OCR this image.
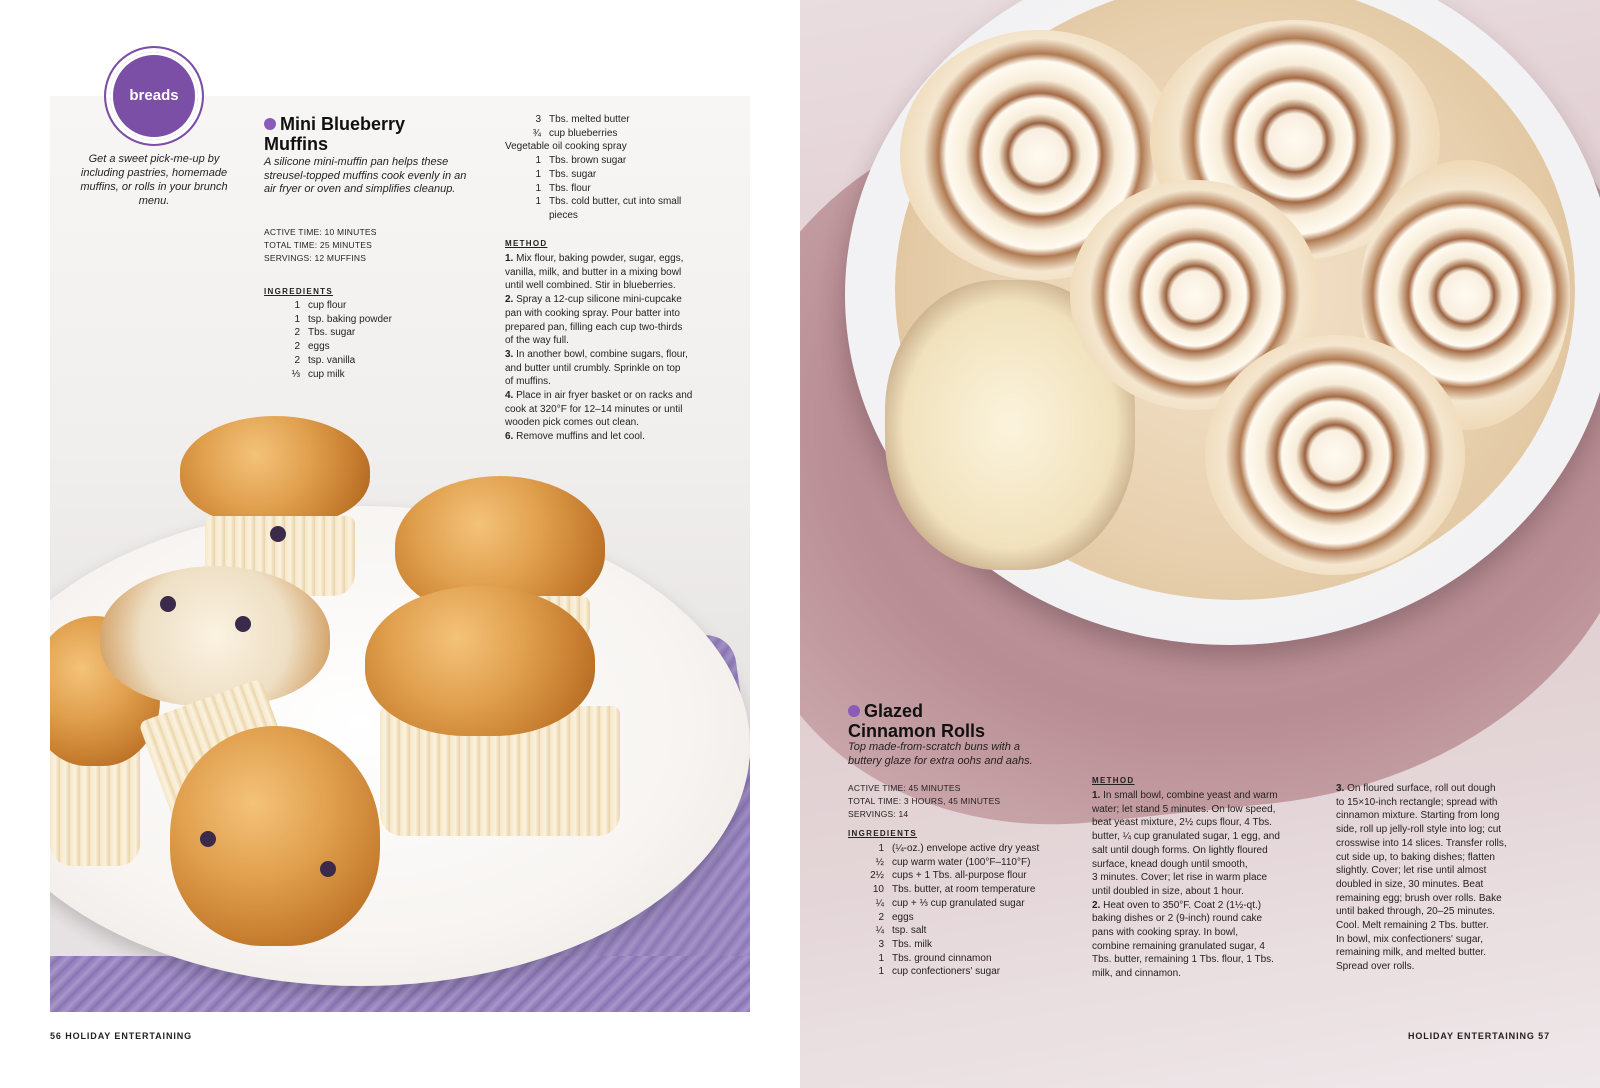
breads
Get a sweet pick-me-up by including pastries, homemade muffins, or rolls in your brunch menu.
Mini Blueberry
Muffins
A silicone mini-muffin pan helps these streusel-topped muffins cook evenly in an air fryer or oven and simplifies cleanup.
ACTIVE TIME: 10 MINUTES
TOTAL TIME: 25 MINUTES
SERVINGS: 12 MUFFINS
INGREDIENTS
1 cup flour
1 tsp. baking powder
2 Tbs. sugar
2 eggs
2 tsp. vanilla
⅓ cup milk
3 Tbs. melted butter
¾ cup blueberries
Vegetable oil cooking spray
1 Tbs. brown sugar
1 Tbs. sugar
1 Tbs. flour
1 Tbs. cold butter, cut into small
pieces
METHOD

1. Mix flour, baking powder, sugar, eggs,
vanilla, milk, and butter in a mixing bowl
until well combined. Stir in blueberries.

2. Spray a 12-cup silicone mini-cupcake
pan with cooking spray. Pour batter into
prepared pan, filling each cup two-thirds
of the way full.

3. In another bowl, combine sugars, flour,
and butter until crumbly. Sprinkle on top
of muffins.

4. Place in air fryer basket or on racks and
cook at 320°F for 12–14 minutes or until
wooden pick comes out clean.

6. Remove muffins and let cool.

Glazed
Cinnamon Rolls
Top made-from-scratch buns with a
buttery glaze for extra oohs and aahs.
ACTIVE TIME: 45 MINUTES
TOTAL TIME: 3 HOURS, 45 MINUTES
SERVINGS: 14
INGREDIENTS
1 (¼-oz.) envelope active dry yeast
½ cup warm water (100°F–110°F)
2½ cups + 1 Tbs. all-purpose flour
10 Tbs. butter, at room temperature
¼ cup + ⅓ cup granulated sugar
2 eggs
¼ tsp. salt
3 Tbs. milk
1 Tbs. ground cinnamon
1 cup confectioners' sugar
METHOD

1. In small bowl, combine yeast and warm
water; let stand 5 minutes. On low speed,
beat yeast mixture, 2½ cups flour, 4 Tbs.
butter, ¼ cup granulated sugar, 1 egg, and
salt until dough forms. On lightly floured
surface, knead dough until smooth,
3 minutes. Cover; let rise in warm place
until doubled in size, about 1 hour.

2. Heat oven to 350°F. Coat 2 (1½-qt.)
baking dishes or 2 (9-inch) round cake
pans with cooking spray. In bowl,
combine remaining granulated sugar, 4
Tbs. butter, remaining 1 Tbs. flour, 1 Tbs.
milk, and cinnamon.

3. On floured surface, roll out dough
to 15×10-inch rectangle; spread with
cinnamon mixture. Starting from long
side, roll up jelly-roll style into log; cut
crosswise into 14 slices. Transfer rolls,
cut side up, to baking dishes; flatten
slightly. Cover; let rise until almost
doubled in size, 30 minutes. Beat
remaining egg; brush over rolls. Bake
until baked through, 20–25 minutes.
Cool. Melt remaining 2 Tbs. butter.
In bowl, mix confectioners' sugar,
remaining milk, and melted butter.
Spread over rolls.

56 HOLIDAY ENTERTAINING	HOLIDAY ENTERTAINING 57
